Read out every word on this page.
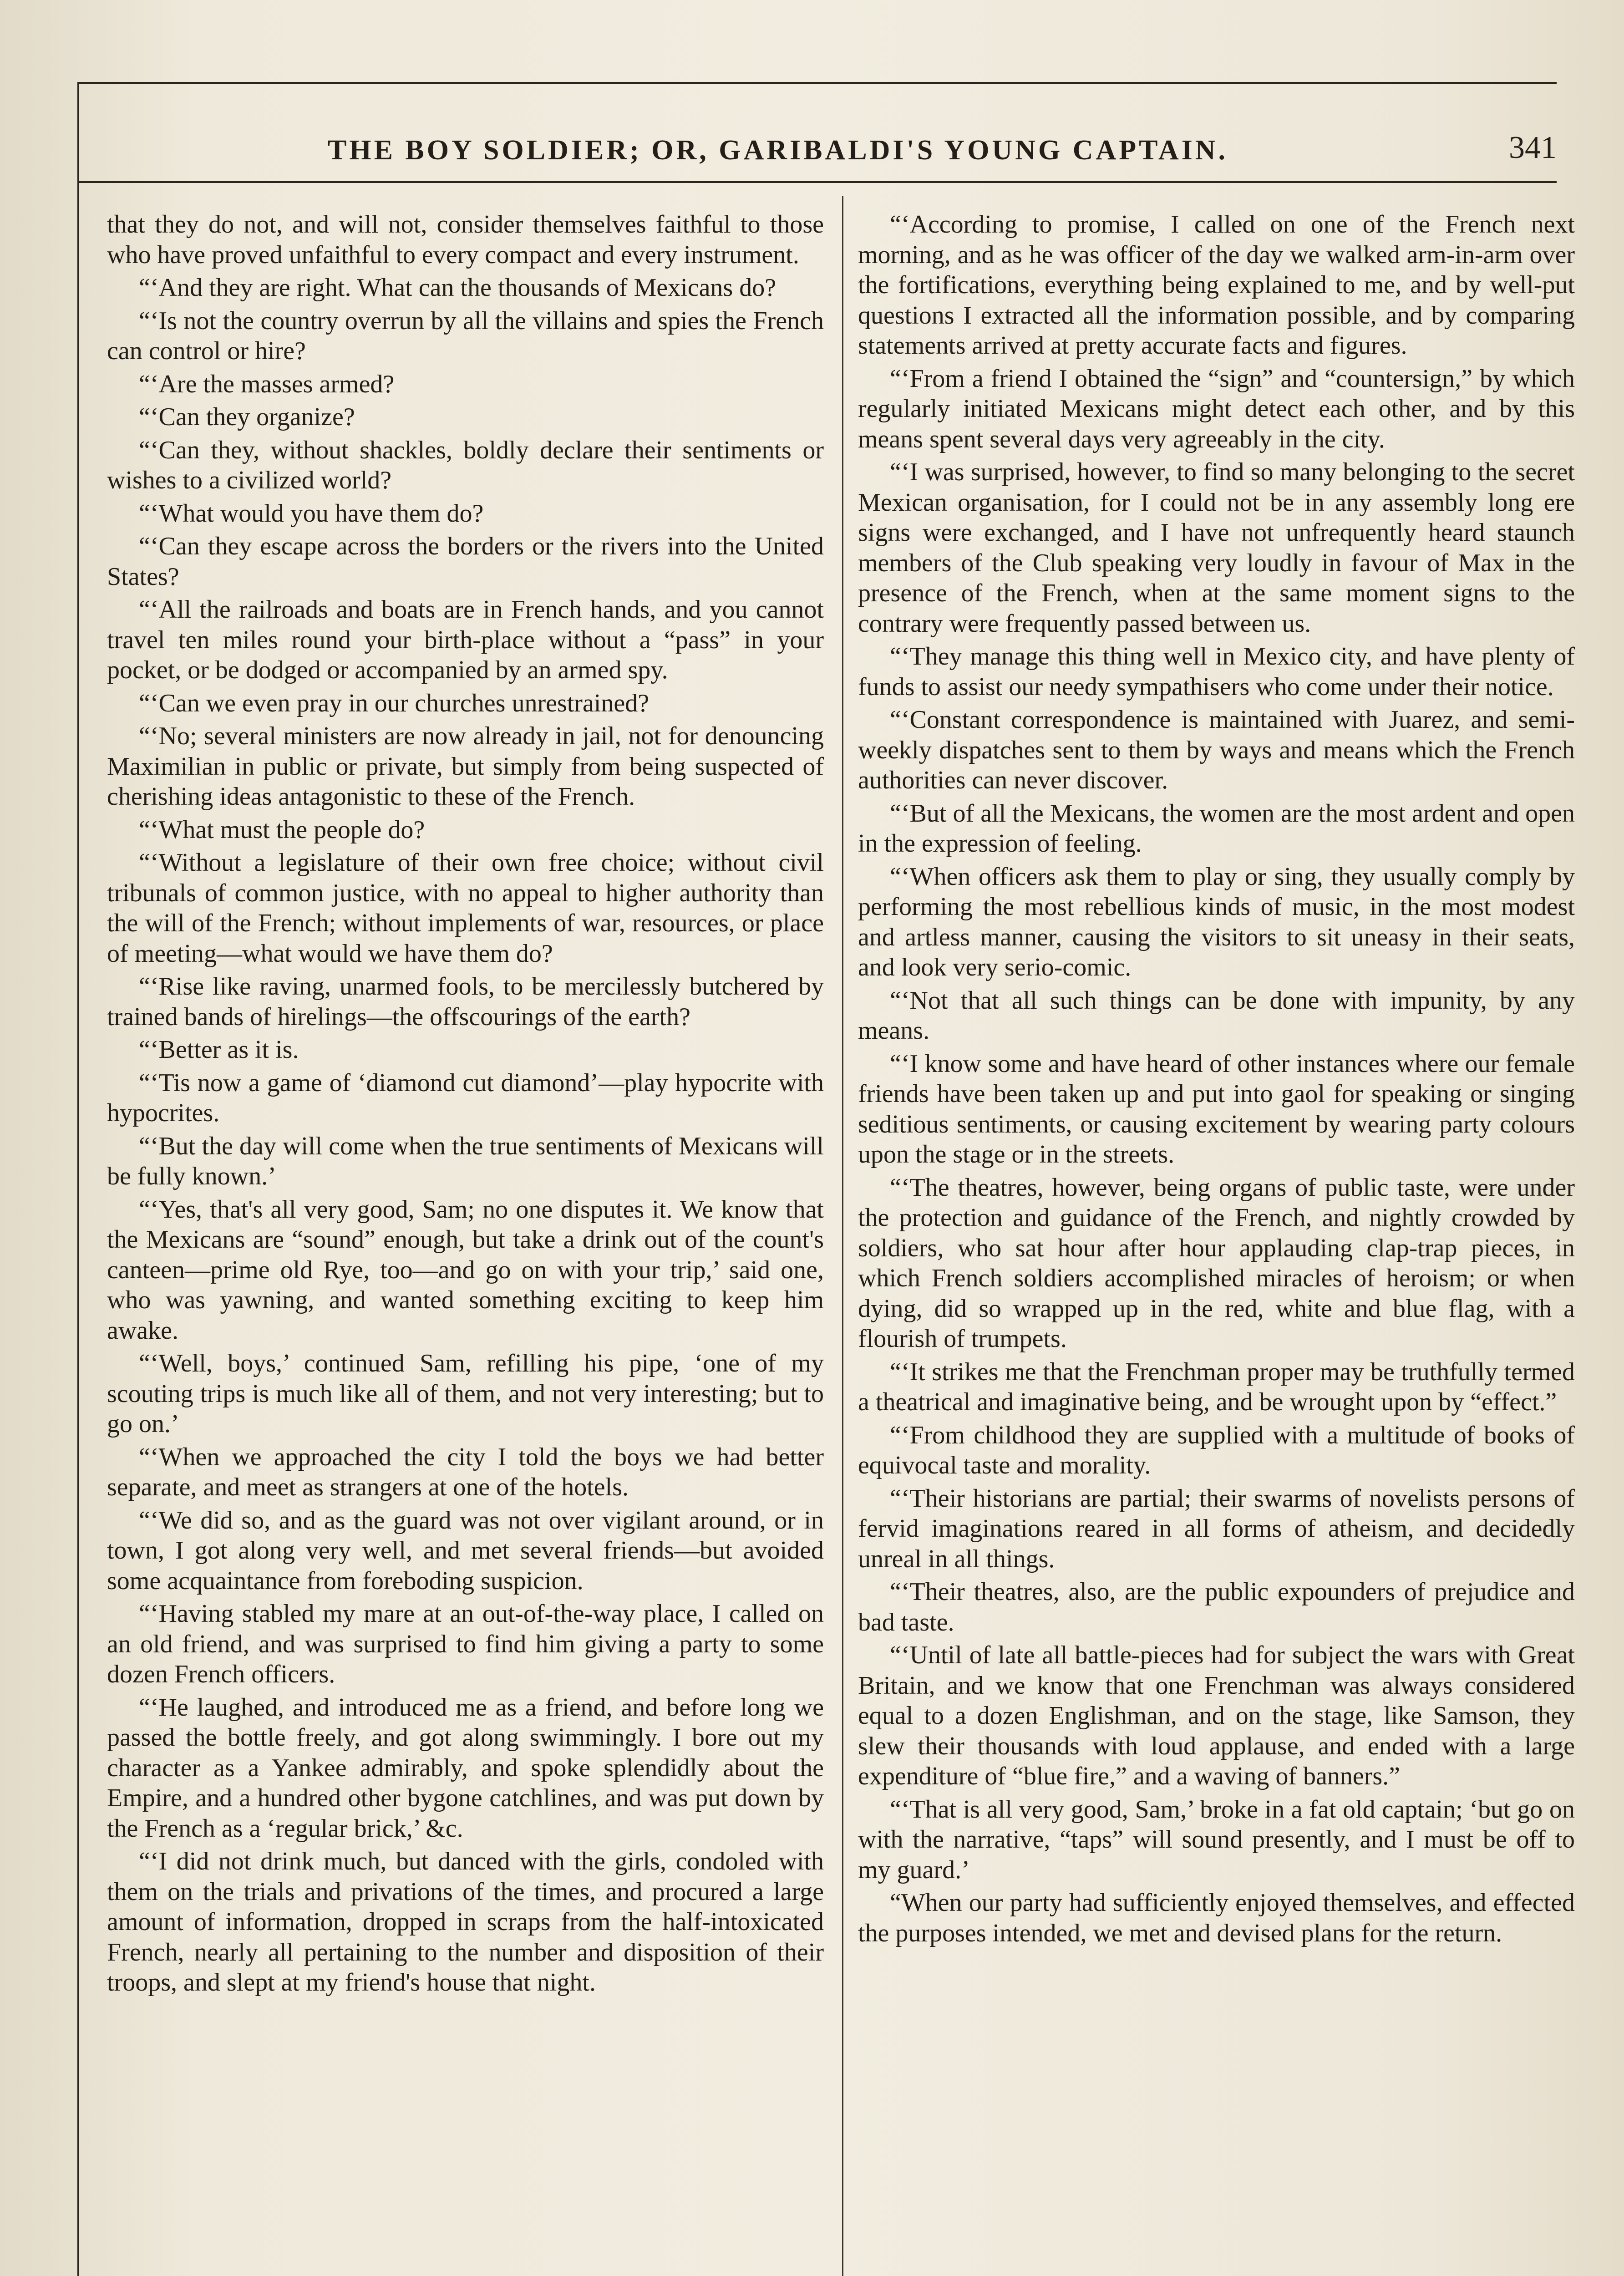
THE BOY SOLDIER; OR, GARIBALDI'S YOUNG CAPTAIN.	341

that they do not, and will not, consider themselves faithful to those who have proved unfaithful to every compact and every instrument.

“‘And they are right. What can the thousands of Mexicans do?

“‘Is not the country overrun by all the villains and spies the French can control or hire?

“‘Are the masses armed?

“‘Can they organize?

“‘Can they, without shackles, boldly declare their sentiments or wishes to a civilized world?

“‘What would you have them do?

“‘Can they escape across the borders or the rivers into the United States?

“‘All the railroads and boats are in French hands, and you cannot travel ten miles round your birth-place without a “pass” in your pocket, or be dodged or accompanied by an armed spy.

“‘Can we even pray in our churches unrestrained?

“‘No; several ministers are now already in jail, not for denouncing Maximilian in public or private, but simply from being suspected of cherishing ideas antagonistic to these of the French.

“‘What must the people do?

“‘Without a legislature of their own free choice; without civil tribunals of common justice, with no appeal to higher authority than the will of the French; without implements of war, resources, or place of meeting—what would we have them do?

“‘Rise like raving, unarmed fools, to be mercilessly butchered by trained bands of hirelings—the offscourings of the earth?

“‘Better as it is.

“‘Tis now a game of ‘diamond cut diamond’—play hypocrite with hypocrites.

“‘But the day will come when the true sentiments of Mexicans will be fully known.’

“‘Yes, that's all very good, Sam; no one disputes it. We know that the Mexicans are “sound” enough, but take a drink out of the count's canteen—prime old Rye, too—and go on with your trip,’ said one, who was yawning, and wanted something exciting to keep him awake.

“‘Well, boys,’ continued Sam, refilling his pipe, ‘one of my scouting trips is much like all of them, and not very interesting; but to go on.’

“‘When we approached the city I told the boys we had better separate, and meet as strangers at one of the hotels.

“‘We did so, and as the guard was not over vigilant around, or in town, I got along very well, and met several friends—but avoided some acquaintance from foreboding suspicion.

“‘Having stabled my mare at an out-of-the-way place, I called on an old friend, and was surprised to find him giving a party to some dozen French officers.

“‘He laughed, and introduced me as a friend, and before long we passed the bottle freely, and got along swimmingly. I bore out my character as a Yankee admirably, and spoke splendidly about the Empire, and a hundred other bygone catchlines, and was put down by the French as a ‘regular brick,’ &c.

“‘I did not drink much, but danced with the girls, condoled with them on the trials and privations of the times, and procured a large amount of information, dropped in scraps from the half-intoxicated French, nearly all pertaining to the number and disposition of their troops, and slept at my friend's house that night.

“‘According to promise, I called on one of the French next morning, and as he was officer of the day we walked arm-in-arm over the fortifications, everything being explained to me, and by well-put questions I extracted all the information possible, and by comparing statements arrived at pretty accurate facts and figures.

“‘From a friend I obtained the “sign” and “countersign,” by which regularly initiated Mexicans might detect each other, and by this means spent several days very agreeably in the city.

“‘I was surprised, however, to find so many belonging to the secret Mexican organisation, for I could not be in any assembly long ere signs were exchanged, and I have not unfrequently heard staunch members of the Club speaking very loudly in favour of Max in the presence of the French, when at the same moment signs to the contrary were frequently passed between us.

“‘They manage this thing well in Mexico city, and have plenty of funds to assist our needy sympathisers who come under their notice.

“‘Constant correspondence is maintained with Juarez, and semi-weekly dispatches sent to them by ways and means which the French authorities can never discover.

“‘But of all the Mexicans, the women are the most ardent and open in the expression of feeling.

“‘When officers ask them to play or sing, they usually comply by performing the most rebellious kinds of music, in the most modest and artless manner, causing the visitors to sit uneasy in their seats, and look very serio-comic.

“‘Not that all such things can be done with impunity, by any means.

“‘I know some and have heard of other instances where our female friends have been taken up and put into gaol for speaking or singing seditious sentiments, or causing excitement by wearing party colours upon the stage or in the streets.

“‘The theatres, however, being organs of public taste, were under the protection and guidance of the French, and nightly crowded by soldiers, who sat hour after hour applauding clap-trap pieces, in which French soldiers accomplished miracles of heroism; or when dying, did so wrapped up in the red, white and blue flag, with a flourish of trumpets.

“‘It strikes me that the Frenchman proper may be truthfully termed a theatrical and imaginative being, and be wrought upon by “effect.”

“‘From childhood they are supplied with a multitude of books of equivocal taste and morality.

“‘Their historians are partial; their swarms of novelists persons of fervid imaginations reared in all forms of atheism, and decidedly unreal in all things.

“‘Their theatres, also, are the public expounders of prejudice and bad taste.

“‘Until of late all battle-pieces had for subject the wars with Great Britain, and we know that one Frenchman was always considered equal to a dozen Englishman, and on the stage, like Samson, they slew their thousands with loud applause, and ended with a large expenditure of “blue fire,” and a waving of banners.”

“‘That is all very good, Sam,’ broke in a fat old captain; ‘but go on with the narrative, “taps” will sound presently, and I must be off to my guard.’

“When our party had sufficiently enjoyed themselves, and effected the purposes intended, we met and devised plans for the return.
